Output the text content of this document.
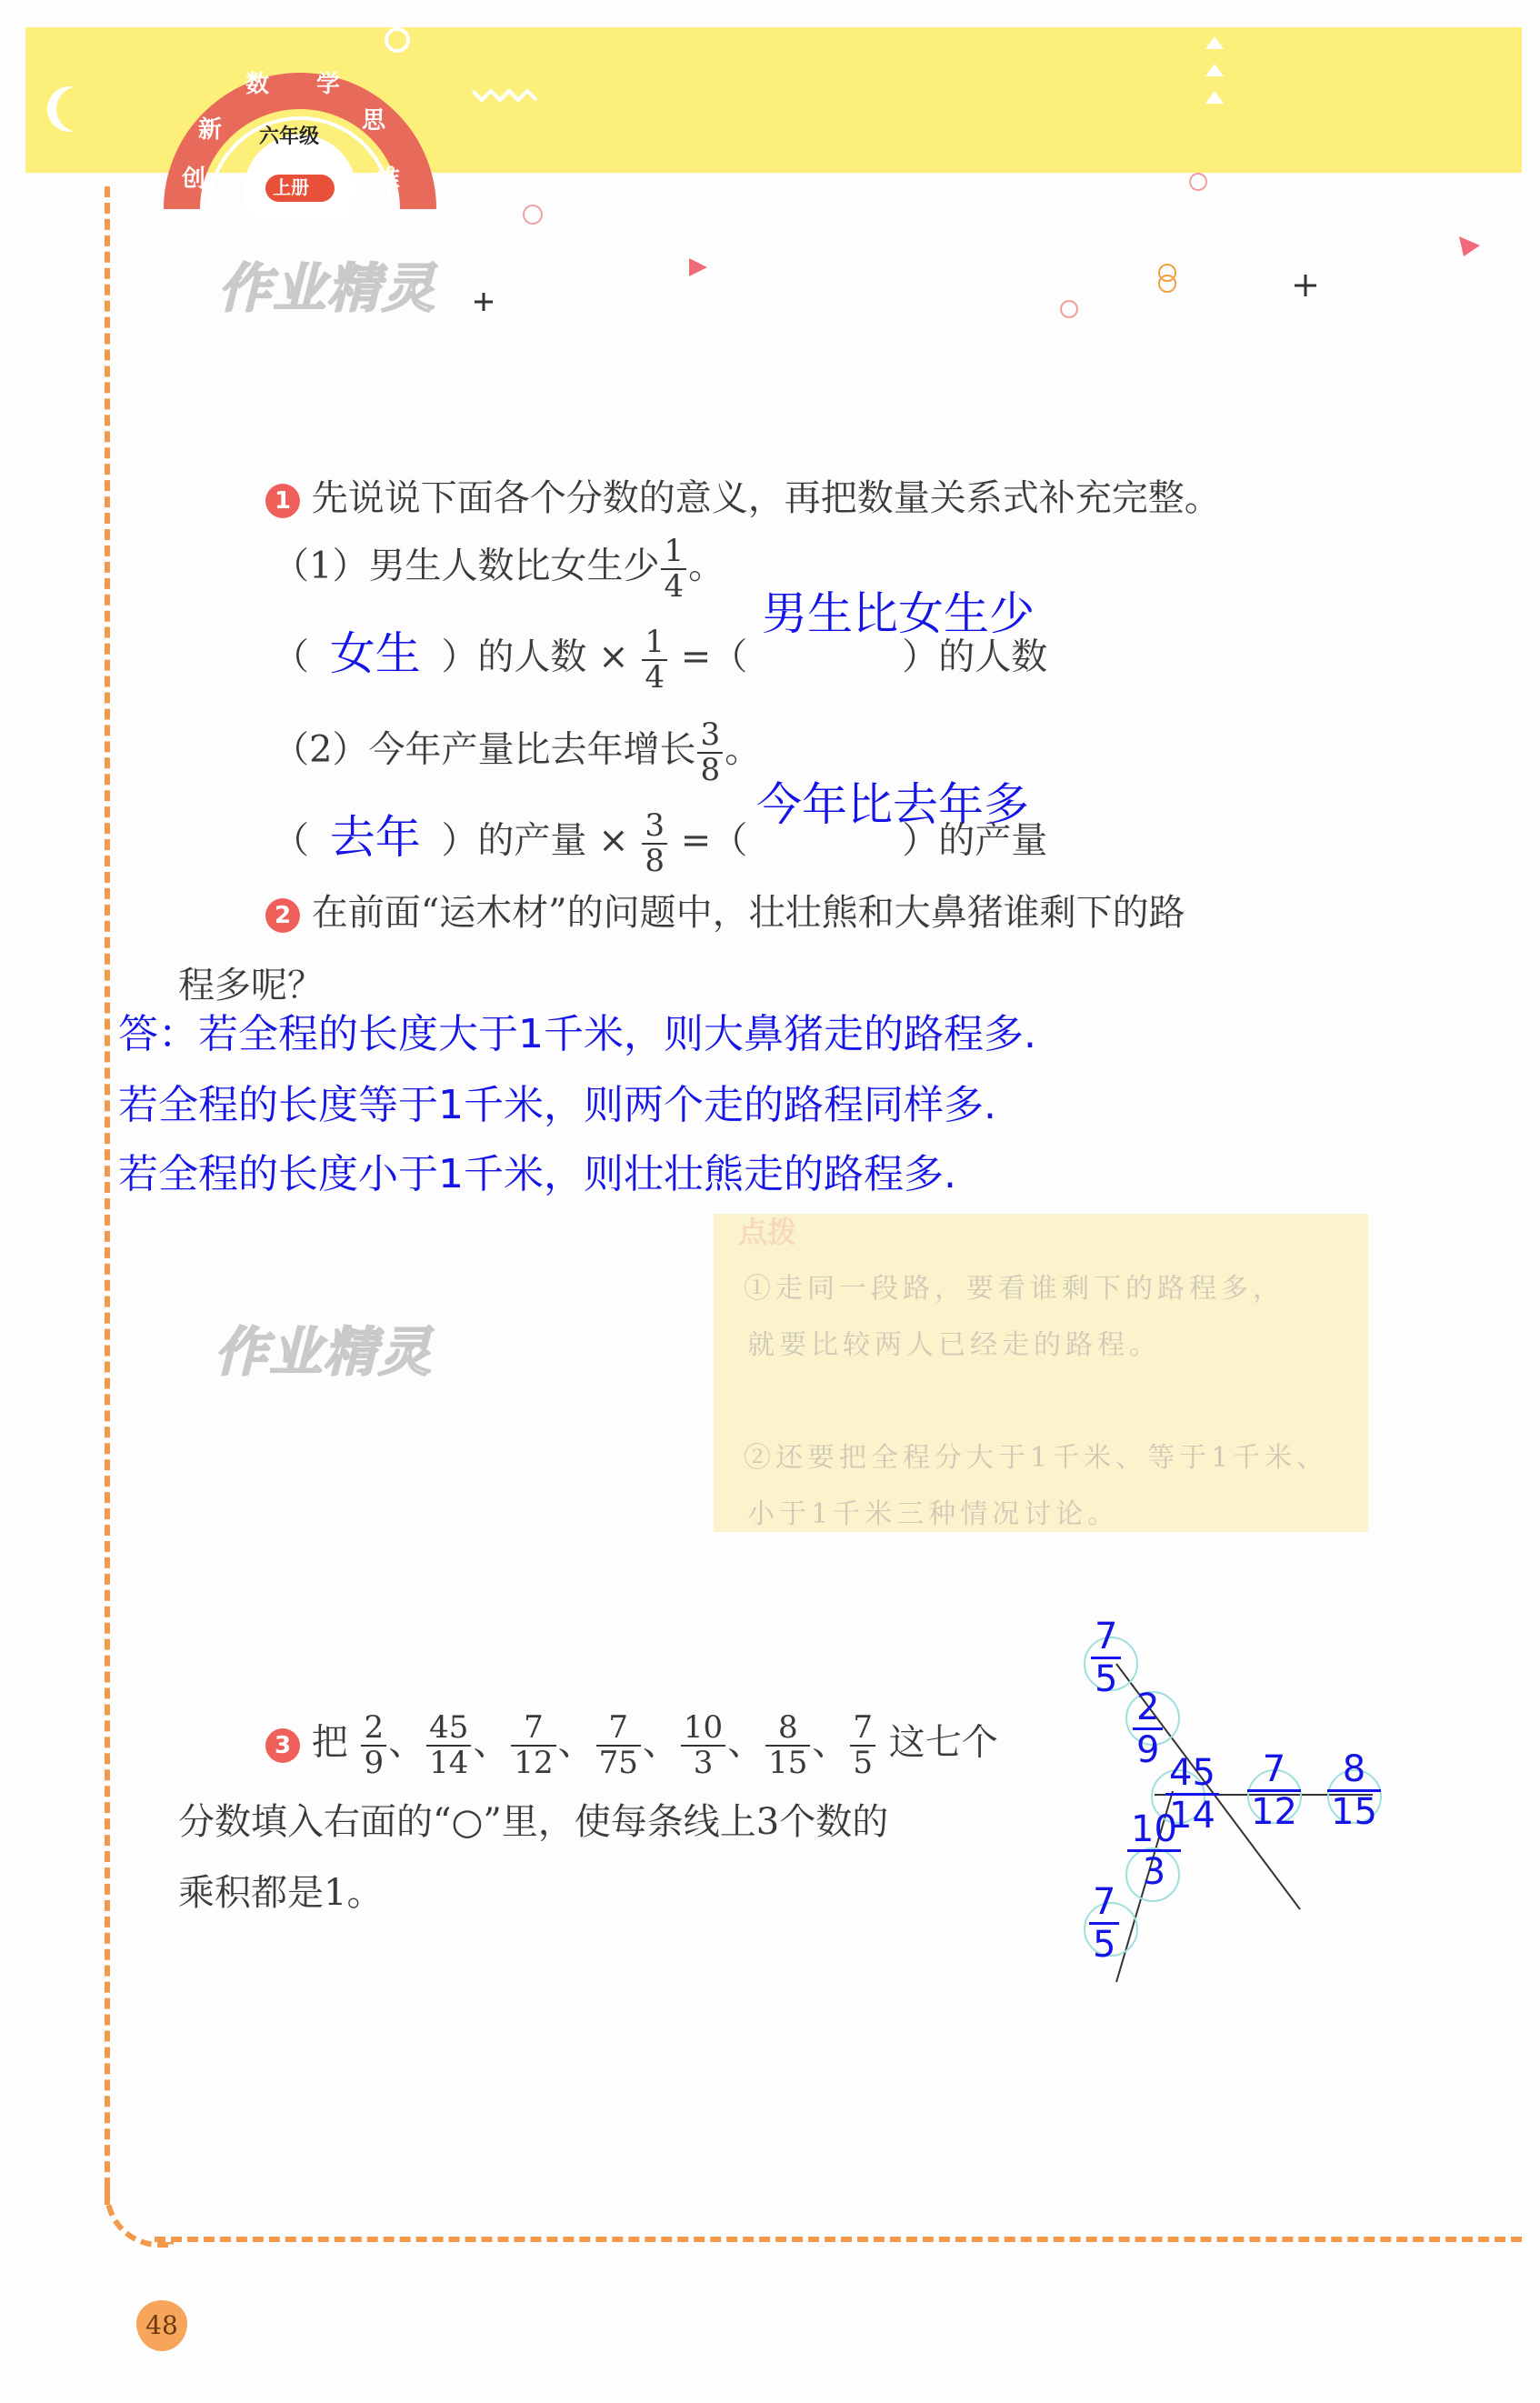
新
数 学
思
创	维
六年级
上册
作业精灵
作业精灵
1 先说说下面各个分数的意义，再把数量关系式补充完整。
（1）男生人数比女生少 $\frac{1}{4}$ 。
男生比女生少
（ 女生 ）的人数 × $\frac{1}{4}$ =（	）的人数
（2）今年产量比去年增长 $\frac{3}{8}$ 。
今年比去年多
（ 去年 ）的产量 × $\frac{3}{8}$ =（	）的产量
2 在前面“运木材”的问题中，壮壮熊和大鼻猪谁剩下的路
程多呢？
答：若全程的长度大于1千米，则大鼻猪走的路程多.
若全程的长度等于1千米，则两个走的路程同样多.
若全程的长度小于1千米，则壮壮熊走的路程多.
点拨
①走同一段路，要看谁剩下的路程多，
就要比较两人已经走的路程。
②还要把全程分大于1千米、等于1千米、
小于1千米三种情况讨论。
3 把 $\frac{2}{9}$ 、 $\frac{45}{14}$ 、 $\frac{7}{12}$ 、 $\frac{7}{75}$ 、 $\frac{10}{3}$ 、 $\frac{8}{15}$ 、 $\frac{7}{5}$ 这七个
分数填入右面的“○”里，使每条线上3个数的
乘积都是1。
$\frac{7}{5}$
$\frac{2}{9}$
$\frac{45}{14} \frac{7}{12} \frac{8}{15}$
$\frac{10}{3}$
$\frac{7}{5}$
48
